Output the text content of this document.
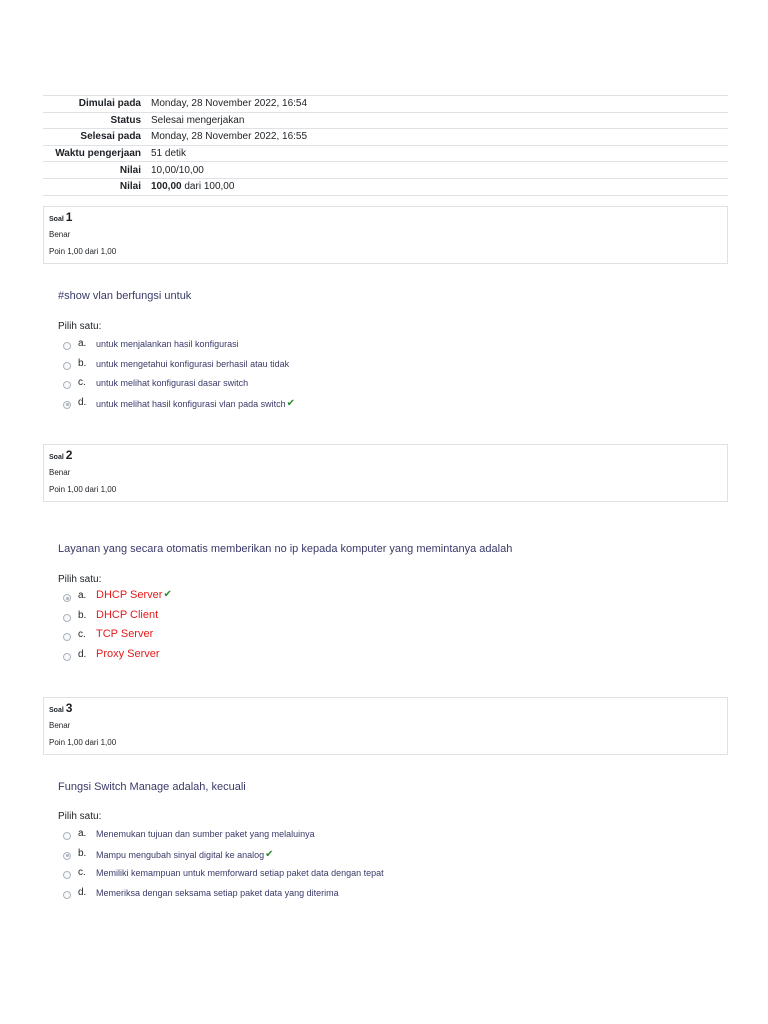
Dimulai pada	Monday, 28 November 2022, 16:54
Status	Selesai mengerjakan
Selesai pada	Monday, 28 November 2022, 16:55
Waktu pengerjaan	51 detik
Nilai	10,00/10,00
Nilai	100,00 dari 100,00
Soal 1
Benar
Poin 1,00 dari 1,00
#show vlan berfungsi untuk
Pilih satu:
a. untuk menjalankan hasil konfigurasi
b. untuk mengetahui konfigurasi berhasil atau tidak
c. untuk melihat konfigurasi dasar switch
d. untuk melihat hasil konfigurasi vlan pada switch✔
Soal 2
Benar
Poin 1,00 dari 1,00
Layanan yang secara otomatis memberikan no ip kepada komputer yang memintanya adalah
Pilih satu:
a. DHCP Server✔
b. DHCP Client
c. TCP Server
d. Proxy Server
Soal 3
Benar
Poin 1,00 dari 1,00
Fungsi Switch Manage adalah, kecuali
Pilih satu:
a. Menemukan tujuan dan sumber paket yang melaluinya
b. Mampu mengubah sinyal digital ke analog✔
c. Memiliki kemampuan untuk memforward setiap paket data dengan tepat
d. Memeriksa dengan seksama setiap paket data yang diterima
